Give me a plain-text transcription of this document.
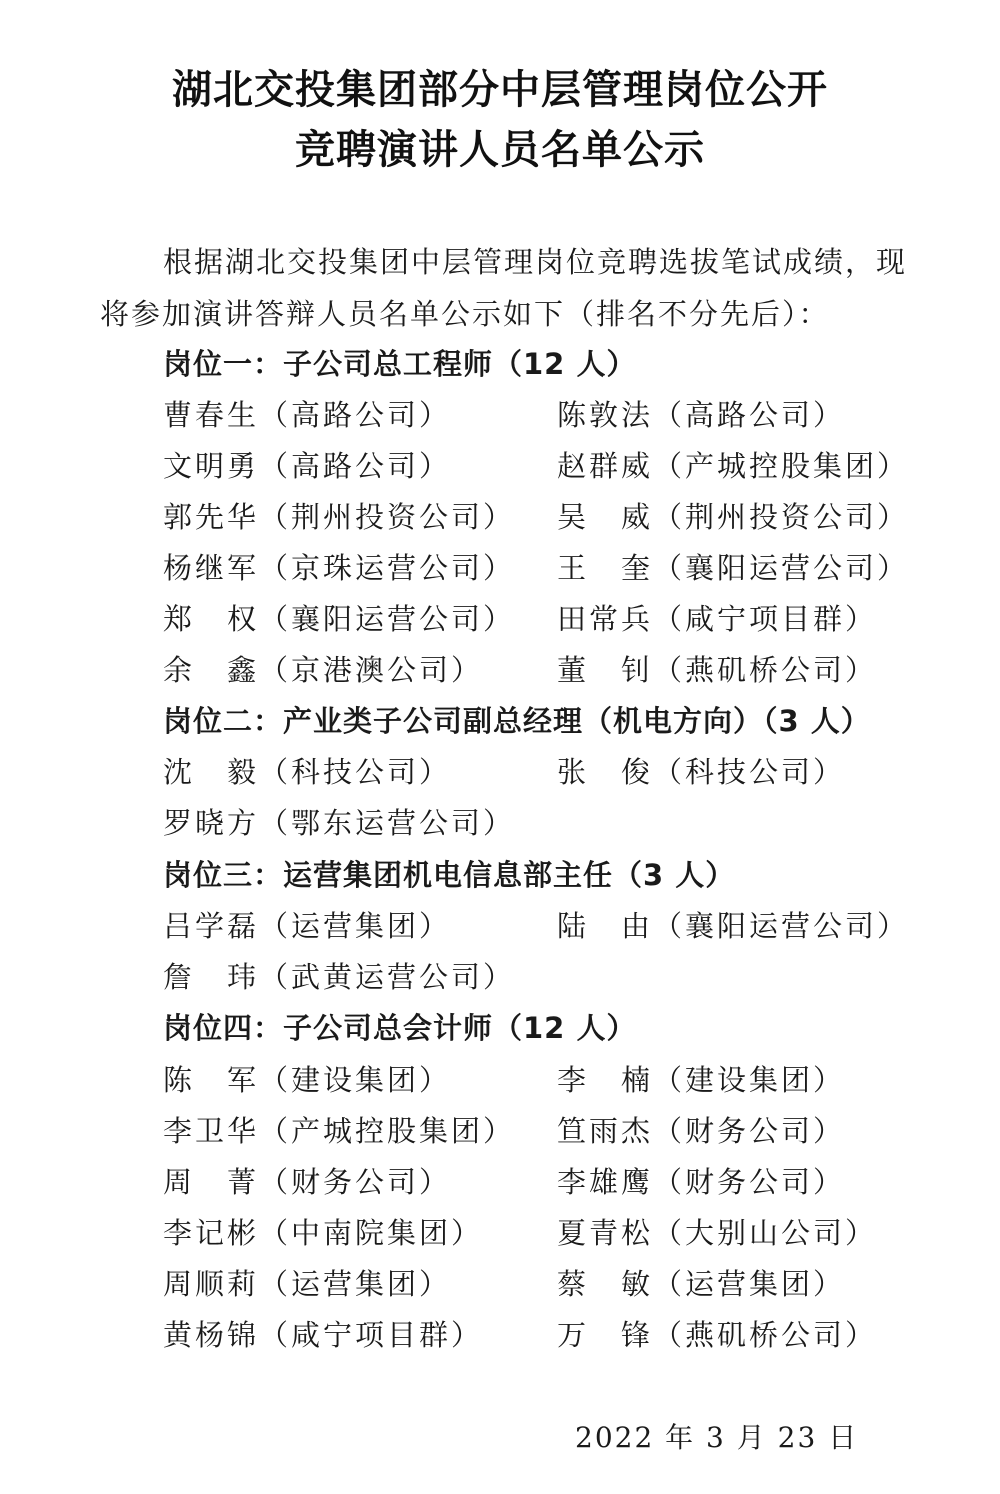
湖北交投集团部分中层管理岗位公开
竞聘演讲人员名单公示
根据湖北交投集团中层管理岗位竞聘选拔笔试成绩，现
将参加演讲答辩人员名单公示如下（排名不分先后）：
岗位一：子公司总工程师（12 人）
曹春生（高路公司）	陈敦法（高路公司）
文明勇（高路公司）	赵群威（产城控股集团）
郭先华（荆州投资公司） 吴　威（荆州投资公司）
杨继军（京珠运营公司） 王　奎（襄阳运营公司）
郑　权（襄阳运营公司） 田常兵（咸宁项目群）
余　鑫（京港澳公司）	董　钊（燕矶桥公司）
岗位二：产业类子公司副总经理（机电方向）（3 人）
沈　毅（科技公司）	张　俊（科技公司）
罗晓方（鄂东运营公司）
岗位三：运营集团机电信息部主任（3 人）
吕学磊（运营集团）	陆　由（襄阳运营公司）
詹　玮（武黄运营公司）
岗位四：子公司总会计师（12 人）
陈　军（建设集团）	李　楠（建设集团）
李卫华（产城控股集团） 笪雨杰（财务公司）
周　菁（财务公司）	李雄鹰（财务公司）
李记彬（中南院集团）	夏青松（大别山公司）
周顺莉（运营集团）	蔡　敏（运营集团）
黄杨锦（咸宁项目群）	万　锋（燕矶桥公司）
2022 年 3 月 23 日
